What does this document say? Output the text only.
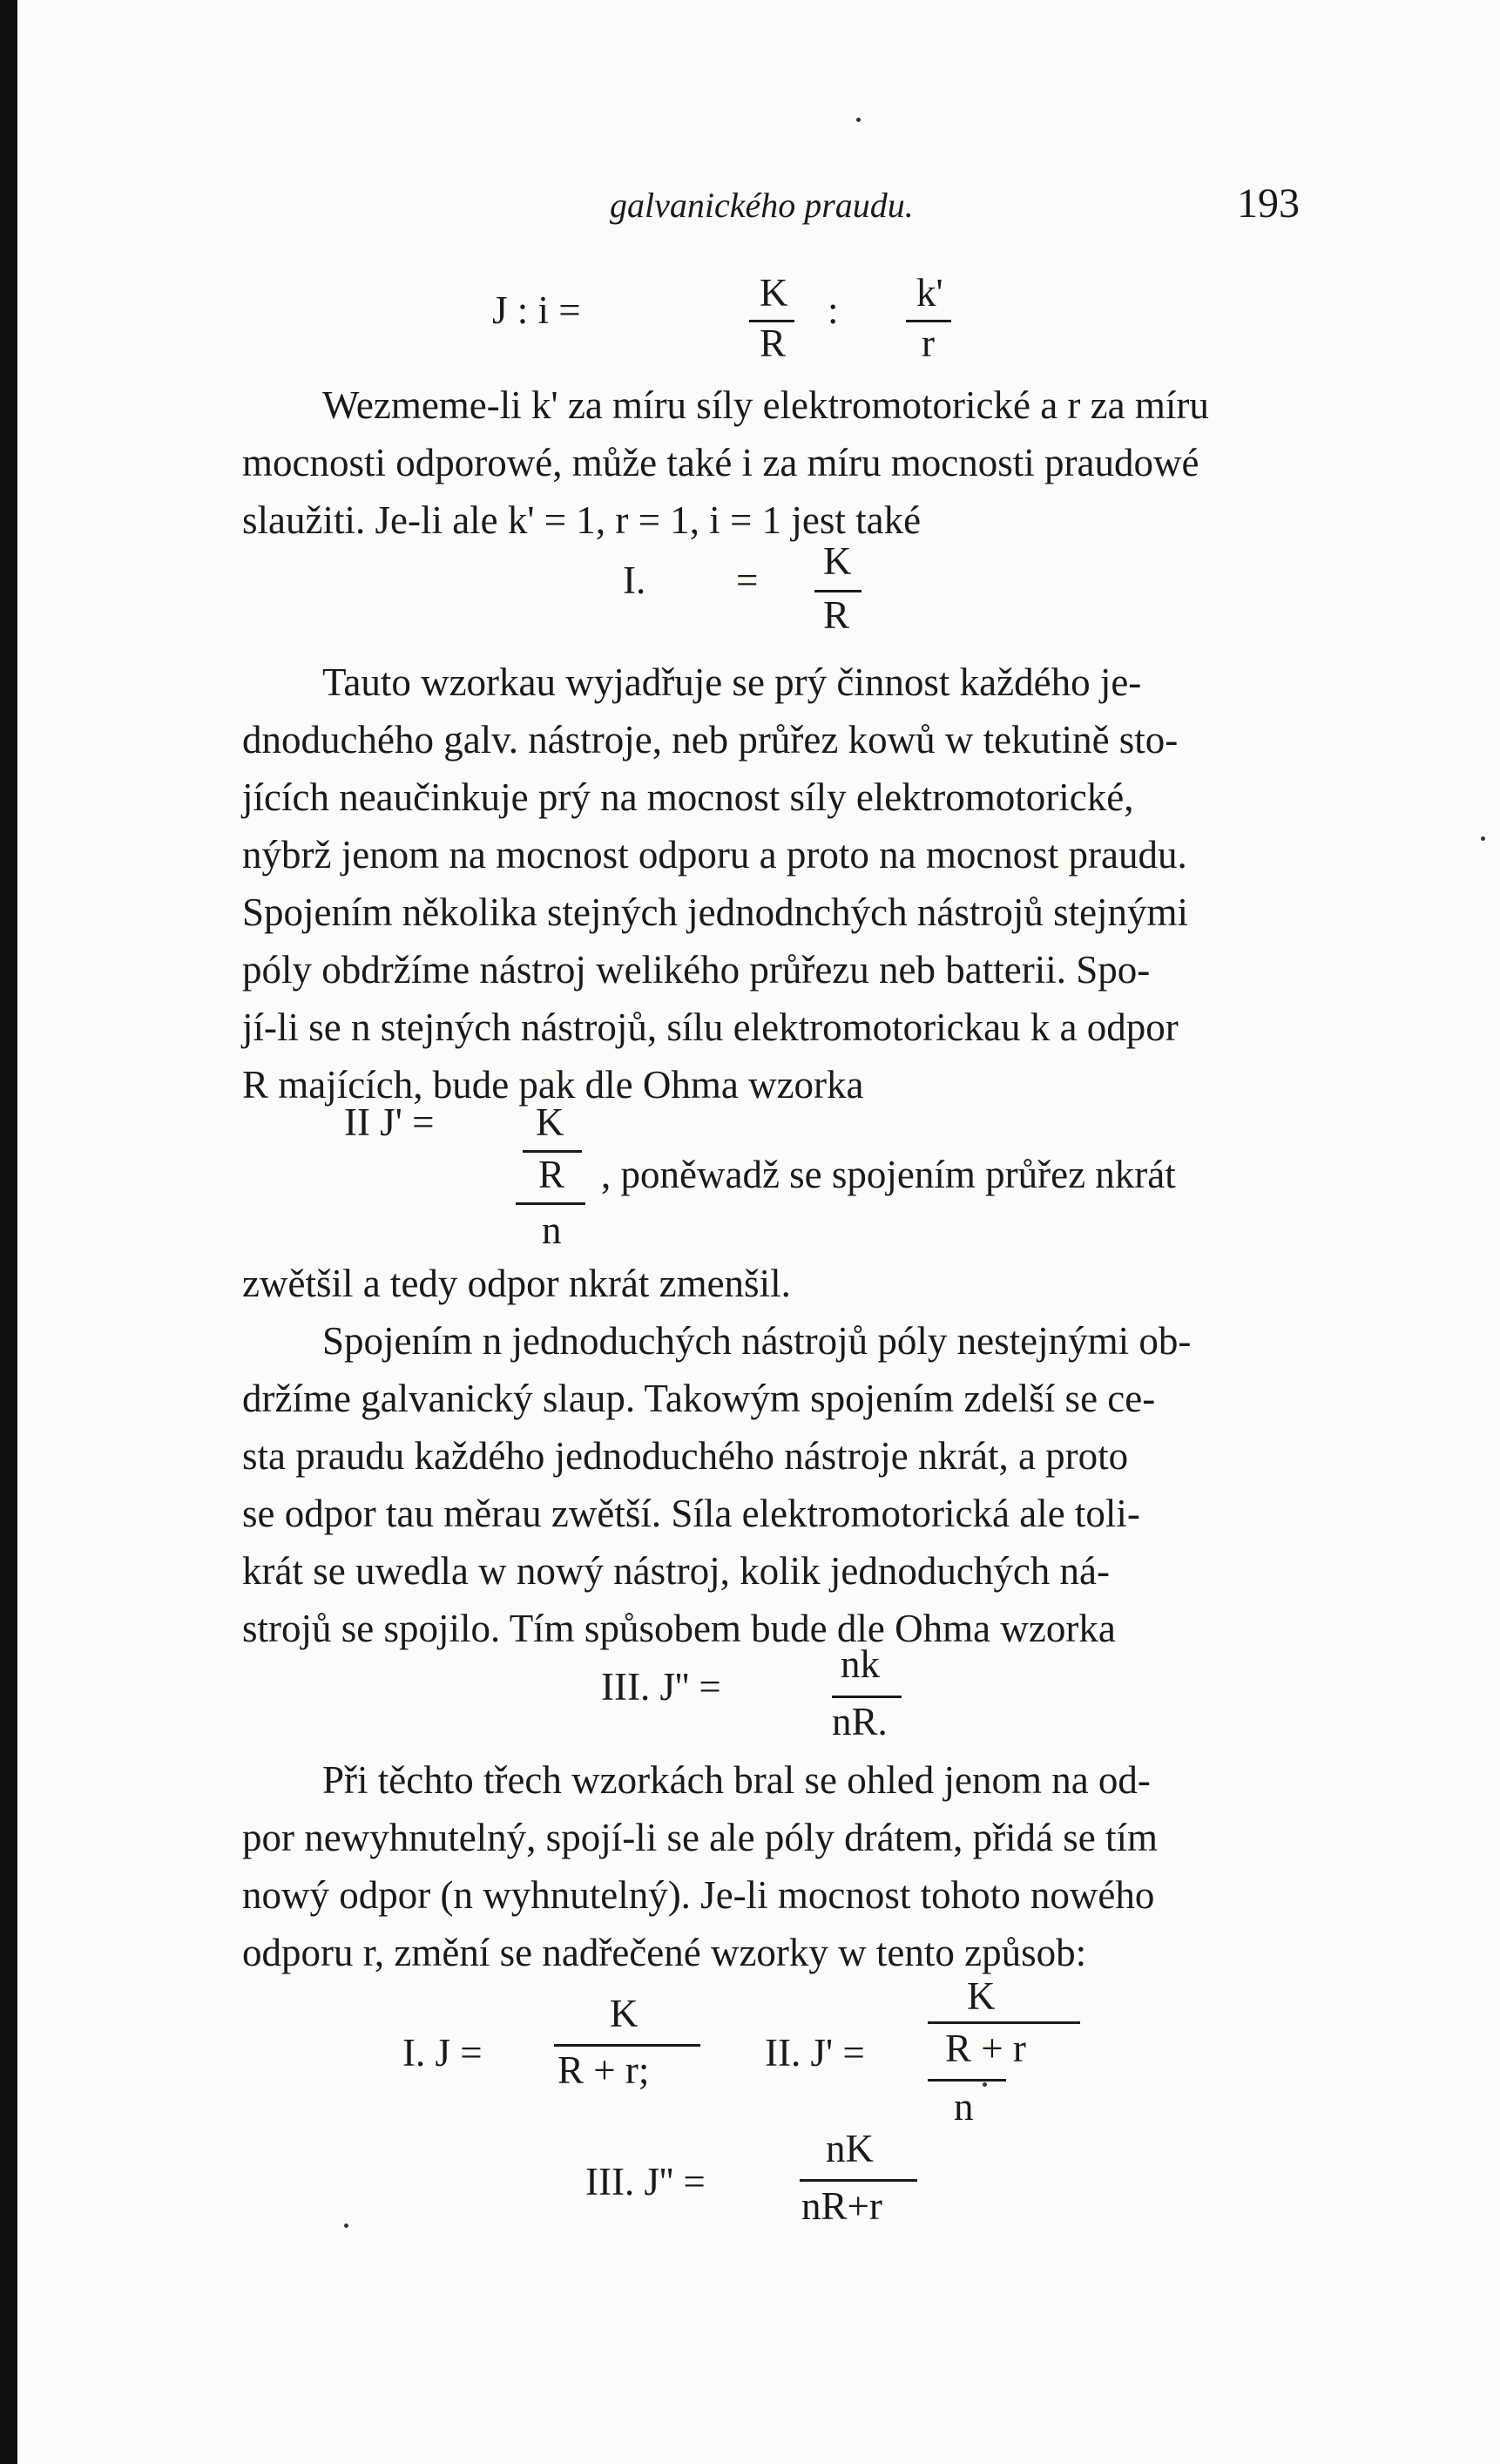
galvanického praudu.	193
J : i =	K
R
: k'
r

Wezmeme-li k' za míru síly elektromotorické a r za míru

mocnosti odporowé, může také i za míru mocnosti praudowé
slaužiti. Je-li ale k' = 1, r = 1, i = 1 jest také
I. = K
R
Tauto wzorkau wyjadřuje se prý činnost každého je-
dnoduchého galv. nástroje, neb průřez kowů w tekutině sto-
jících neaučinkuje prý na mocnost síly elektromotorické,
nýbrž jenom na mocnost odporu a proto na mocnost praudu.
Spojením několika stejných jednodnchých nástrojů stejnými
póly obdržíme nástroj welikého průřezu neb batterii. Spo-
jí-li se n stejných nástrojů, sílu elektromotorickau k a odpor
R majících, bude pak dle Ohma wzorka
II J' =	K
R
n
, poněwadž se spojením průřez nkrát
zwětšil a tedy odpor nkrát zmenšil.
Spojením n jednoduchých nástrojů póly nestejnými ob-
držíme galvanický slaup. Takowým spojením zdelší se ce-
sta praudu každého jednoduchého nástroje nkrát, a proto
se odpor tau měrau zwětší. Síla elektromotorická ale toli-
krát se uwedla w nowý nástroj, kolik jednoduchých ná-
strojů se spojilo. Tím spůsobem bude dle Ohma wzorka
III. J'' =
nk
nR.
Při těchto třech wzorkách bral se ohled jenom na od-
por newyhnutelný, spojí-li se ale póly drátem, přidá se tím
nowý odpor (n wyhnutelný). Je-li mocnost tohoto nowého
odporu r, změní se nadřečené wzorky w tento způsob:
I. J =
K
R + r;	II. J' =
K
R + r
n
III. J'' =
nK
nR+r
